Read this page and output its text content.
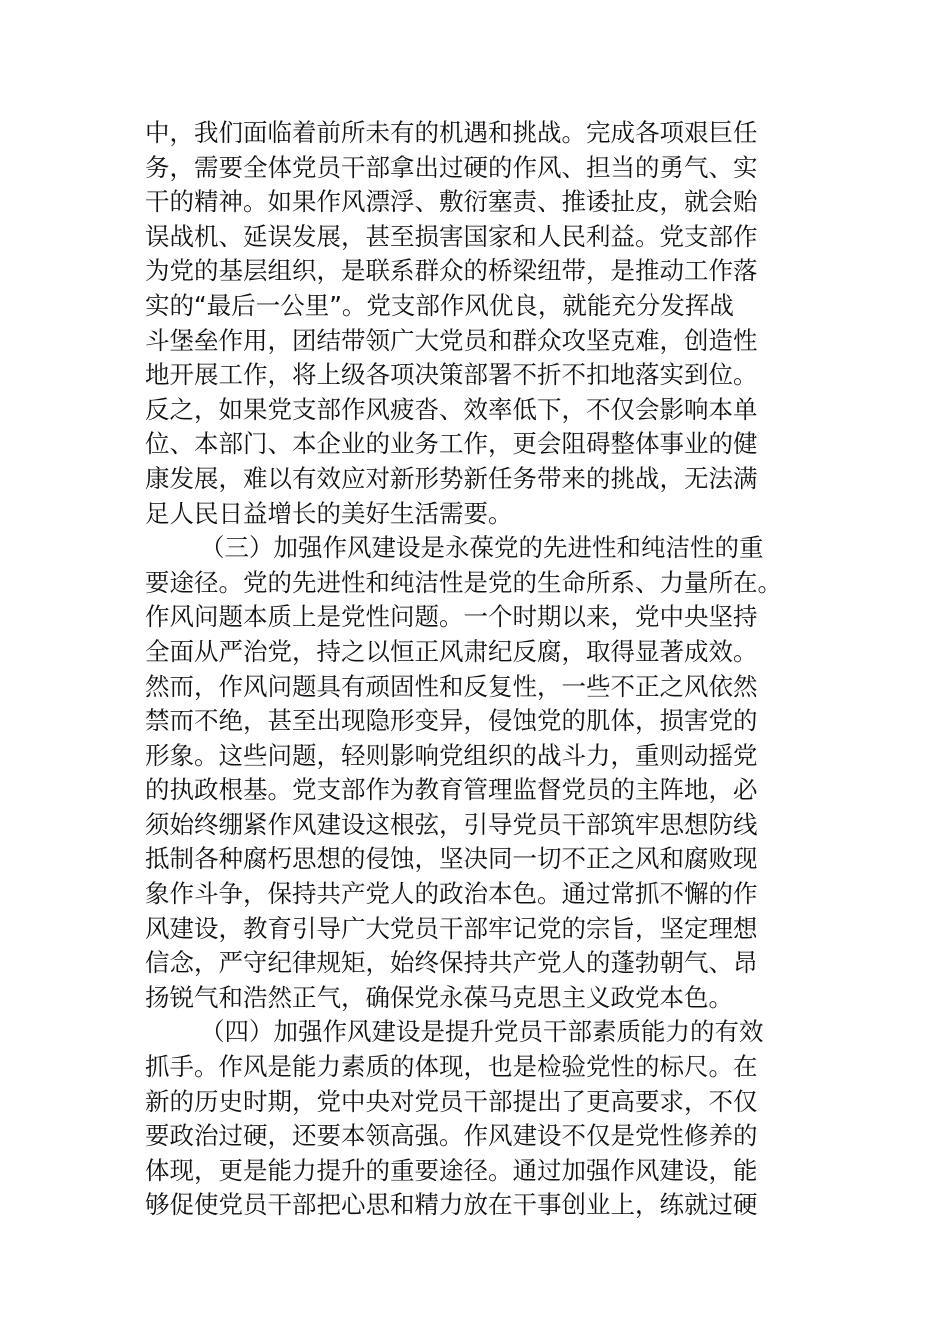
中，我们面临着前所未有的机遇和挑战。完成各项艰巨任
务，需要全体党员干部拿出过硬的作风、担当的勇气、实
干的精神。如果作风漂浮、敷衍塞责、推诿扯皮，就会贻
误战机、延误发展，甚至损害国家和人民利益。党支部作
为党的基层组织，是联系群众的桥梁纽带，是推动工作落
实的“最后一公里”。党支部作风优良，就能充分发挥战
斗堡垒作用，团结带领广大党员和群众攻坚克难，创造性
地开展工作，将上级各项决策部署不折不扣地落实到位。
反之，如果党支部作风疲沓、效率低下，不仅会影响本单
位、本部门、本企业的业务工作，更会阻碍整体事业的健
康发展，难以有效应对新形势新任务带来的挑战，无法满
足人民日益增长的美好生活需要。
（三）加强作风建设是永葆党的先进性和纯洁性的重
要途径。党的先进性和纯洁性是党的生命所系、力量所在。
作风问题本质上是党性问题。一个时期以来，党中央坚持
全面从严治党，持之以恒正风肃纪反腐，取得显著成效。
然而，作风问题具有顽固性和反复性，一些不正之风依然
禁而不绝，甚至出现隐形变异，侵蚀党的肌体，损害党的
形象。这些问题，轻则影响党组织的战斗力，重则动摇党
的执政根基。党支部作为教育管理监督党员的主阵地，必
须始终绷紧作风建设这根弦，引导党员干部筑牢思想防线
抵制各种腐朽思想的侵蚀，坚决同一切不正之风和腐败现
象作斗争，保持共产党人的政治本色。通过常抓不懈的作
风建设，教育引导广大党员干部牢记党的宗旨，坚定理想
信念，严守纪律规矩，始终保持共产党人的蓬勃朝气、昂
扬锐气和浩然正气，确保党永葆马克思主义政党本色。
（四）加强作风建设是提升党员干部素质能力的有效
抓手。作风是能力素质的体现，也是检验党性的标尺。在
新的历史时期，党中央对党员干部提出了更高要求，不仅
要政治过硬，还要本领高强。作风建设不仅是党性修养的
体现，更是能力提升的重要途径。通过加强作风建设，能
够促使党员干部把心思和精力放在干事创业上，练就过硬
